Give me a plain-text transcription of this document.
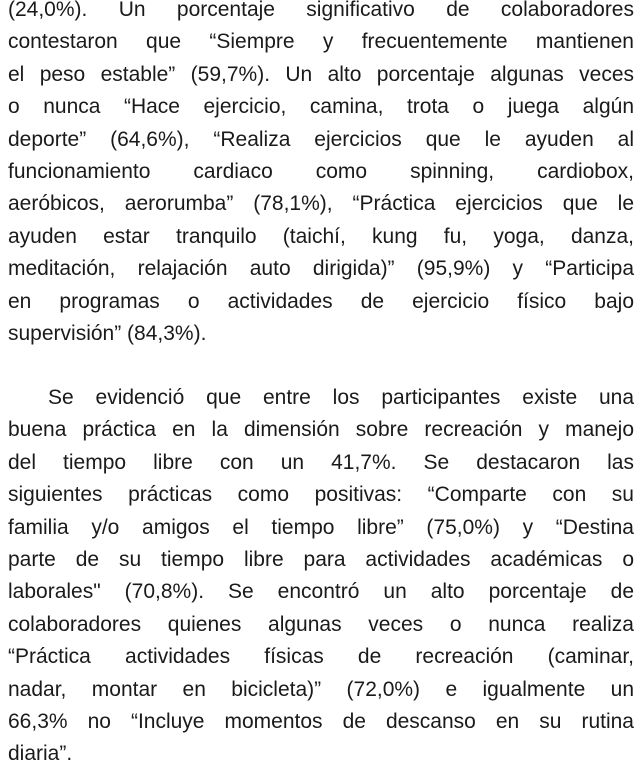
(24,0%). Un porcentaje significativo de colaboradores
contestaron que “Siempre y frecuentemente mantienen
el peso estable” (59,7%). Un alto porcentaje algunas veces
o nunca “Hace ejercicio, camina, trota o juega algún
deporte” (64,6%), “Realiza ejercicios que le ayuden al
funcionamiento cardiaco como spinning, cardiobox,
aeróbicos, aerorumba” (78,1%), “Práctica ejercicios que le
ayuden estar tranquilo (taichí, kung fu, yoga, danza,
meditación, relajación auto dirigida)” (95,9%) y “Participa
en programas o actividades de ejercicio físico bajo
supervisión” (84,3%).
Se evidenció que entre los participantes existe una
buena práctica en la dimensión sobre recreación y manejo
del tiempo libre con un 41,7%. Se destacaron las
siguientes prácticas como positivas: “Comparte con su
familia y/o amigos el tiempo libre” (75,0%) y “Destina
parte de su tiempo libre para actividades académicas o
laborales" (70,8%). Se encontró un alto porcentaje de
colaboradores quienes algunas veces o nunca realiza
“Práctica actividades físicas de recreación (caminar,
nadar, montar en bicicleta)” (72,0%) e igualmente un
66,3% no “Incluye momentos de descanso en su rutina
diaria”.
